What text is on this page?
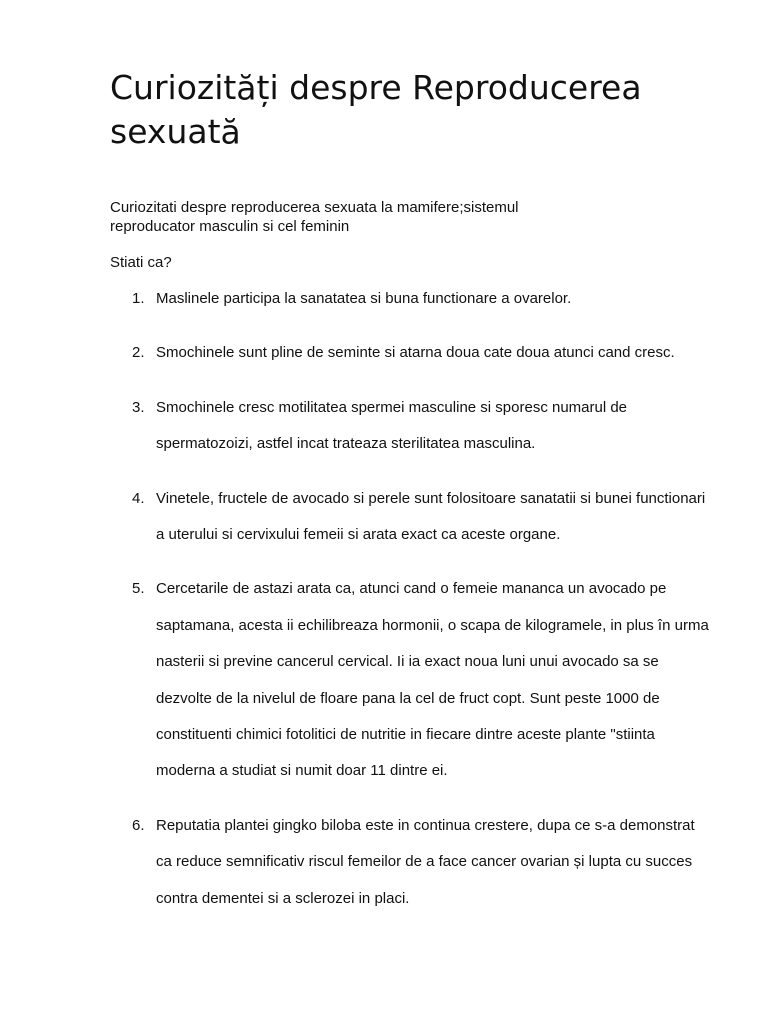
Curiozități despre Reproducerea sexuată

Curiozitati despre reproducerea sexuata la mamifere;sistemul reproducator masculin si cel feminin

Stiati ca?

1. Maslinele participa la sanatatea si buna functionare a ovarelor.
2. Smochinele sunt pline de seminte si atarna doua cate doua atunci cand cresc.
3. Smochinele cresc motilitatea spermei masculine si sporesc numarul de spermatozoizi, astfel incat trateaza sterilitatea masculina.
4. Vinetele, fructele de avocado si perele sunt folositoare sanatatii si bunei functionari a uterului si cervixului femeii si arata exact ca aceste organe.
5. Cercetarile de astazi arata ca, atunci cand o femeie mananca un avocado pe saptamana, acesta ii echilibreaza hormonii, o scapa de kilogramele, in plus în urma nasterii si previne cancerul cervical. Ii ia exact noua luni unui avocado sa se dezvolte de la nivelul de floare pana la cel de fruct copt. Sunt peste 1000 de constituenti chimici fotolitici de nutritie in fiecare dintre aceste plante "stiinta moderna a studiat si numit doar 11 dintre ei.
6. Reputatia plantei gingko biloba este in continua crestere, dupa ce s-a demonstrat ca reduce semnificativ riscul femeilor de a face cancer ovarian și lupta cu succes contra dementei si a sclerozei in placi.
